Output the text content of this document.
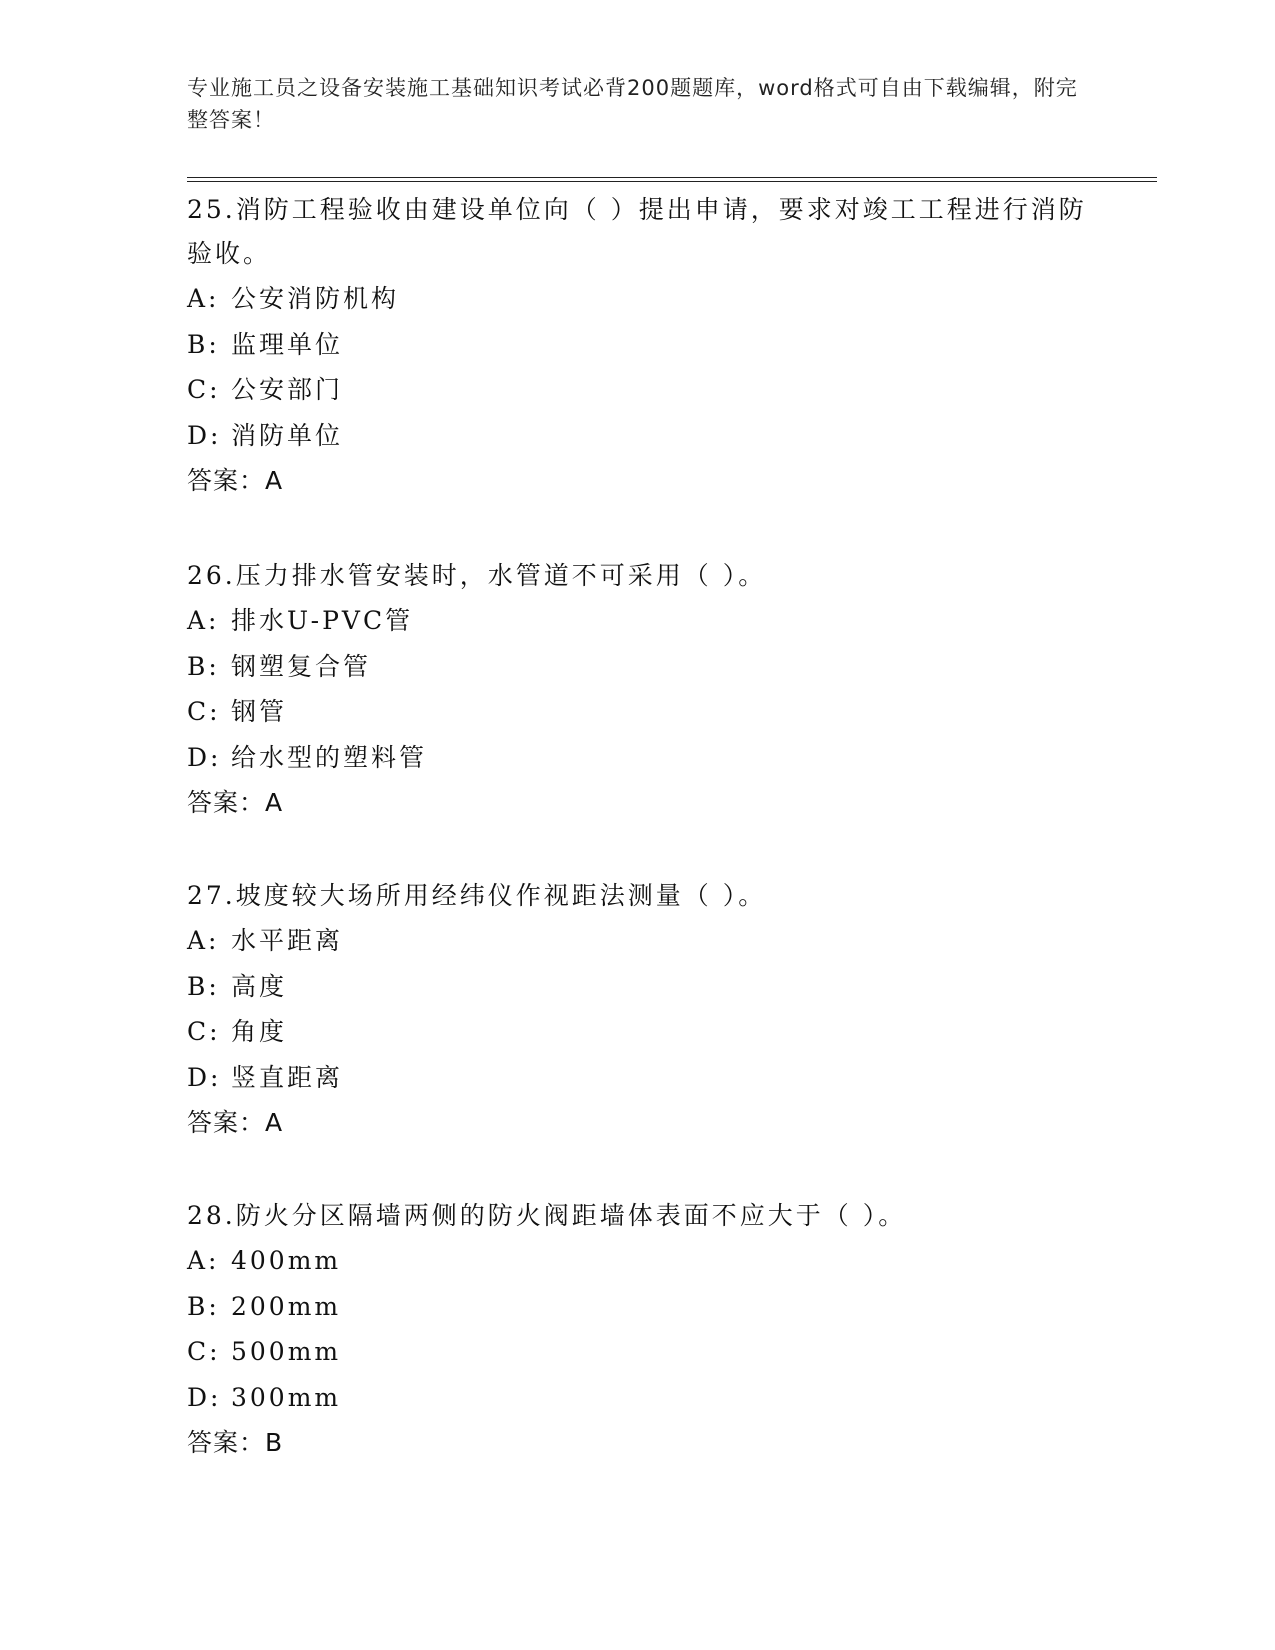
专业施工员之设备安装施工基础知识考试必背200题题库，word格式可自由下载编辑，附完整答案！

25.消防工程验收由建设单位向（ ）提出申请，要求对竣工工程进行消防验收。

A: 公安消防机构

B: 监理单位

C: 公安部门

D: 消防单位

答案：A

26.压力排水管安装时，水管道不可采用（ ）。

A: 排水U-PVC管

B: 钢塑复合管

C: 钢管

D: 给水型的塑料管

答案：A

27.坡度较大场所用经纬仪作视距法测量（ ）。

A: 水平距离

B: 高度

C: 角度

D: 竖直距离

答案：A

28.防火分区隔墙两侧的防火阀距墙体表面不应大于（ ）。

A: 400mm

B: 200mm

C: 500mm

D: 300mm

答案：B
